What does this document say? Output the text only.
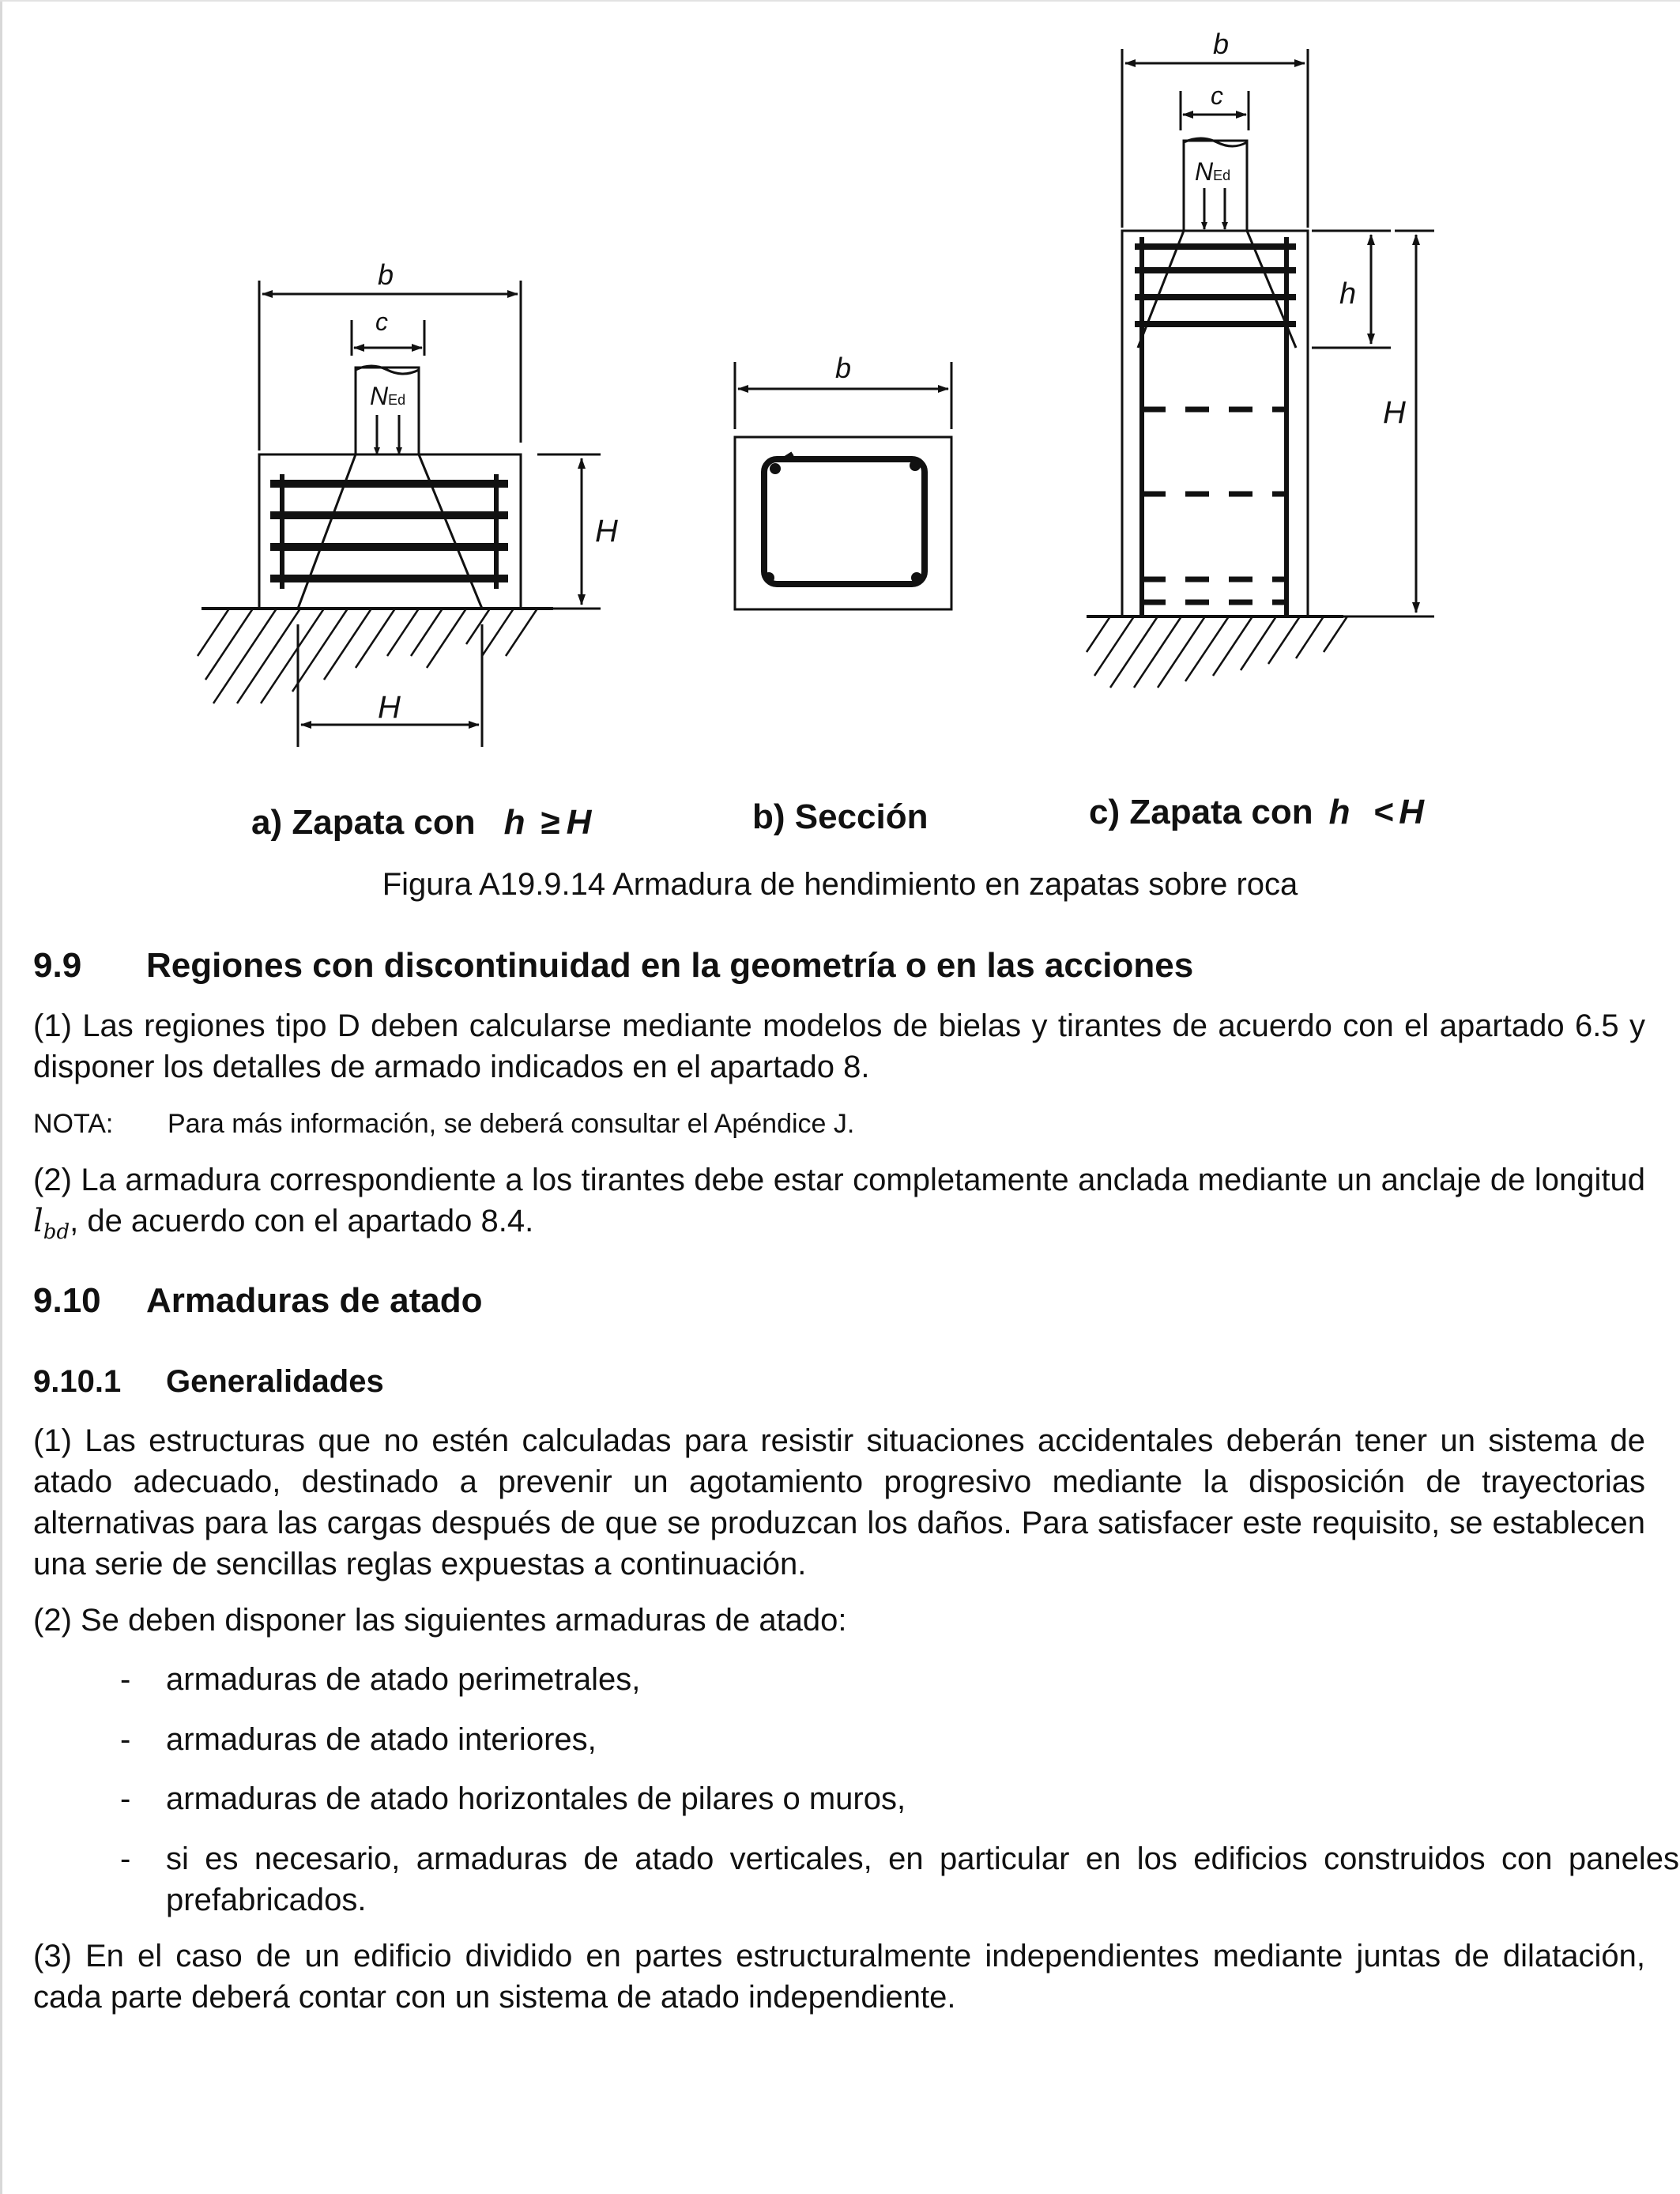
b
c
NEd
H
H
b
b
c
NEd
h
H
a) Zapata con h ≥ H	b) Sección	c) Zapata con h < H
Figura A19.9.14 Armadura de hendimiento en zapatas sobre roca
9.9 Regiones con discontinuidad en la geometría o en las acciones
(1) Las regiones tipo D deben calcularse mediante modelos de bielas y tirantes de acuerdo con el apartado 6.5 y disponer los detalles de armado indicados en el apartado 8.
NOTA: Para más información, se deberá consultar el Apéndice J.
(2) La armadura correspondiente a los tirantes debe estar completamente anclada mediante un anclaje de longitud $l_{bd}$, de acuerdo con el apartado 8.4.
9.10 Armaduras de atado
9.10.1 Generalidades
(1) Las estructuras que no estén calculadas para resistir situaciones accidentales deberán tener un sistema de atado adecuado, destinado a prevenir un agotamiento progresivo mediante la disposición de trayectorias alternativas para las cargas después de que se produzcan los daños. Para satisfacer este requisito, se establecen una serie de sencillas reglas expuestas a continuación.
(2) Se deben disponer las siguientes armaduras de atado:
- armaduras de atado perimetrales,
- armaduras de atado interiores,
- armaduras de atado horizontales de pilares o muros,
- si es necesario, armaduras de atado verticales, en particular en los edificios construidos con paneles prefabricados.
(3) En el caso de un edificio dividido en partes estructuralmente independientes mediante juntas de dilatación, cada parte deberá contar con un sistema de atado independiente.
